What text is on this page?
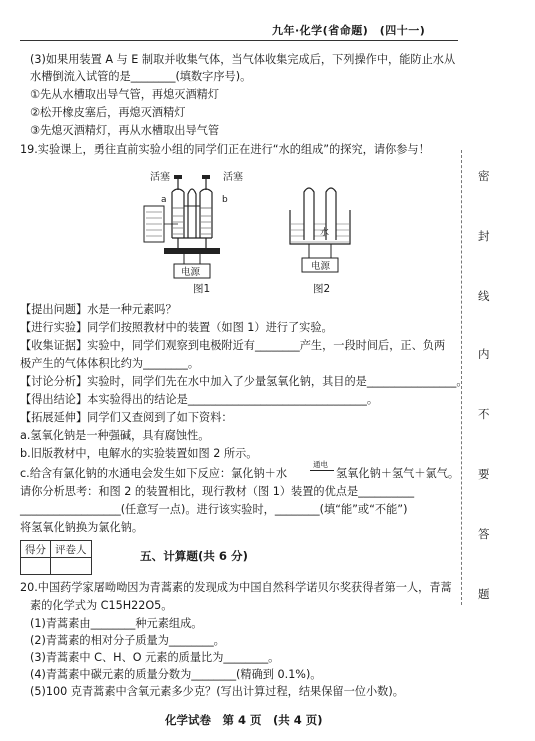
九年·化学(省命题)　(四十一)
(3)如果用装置 A 与 E 制取并收集气体，当气体收集完成后，下列操作中，能防止水从
水槽倒流入试管的是________(填数字序号)。
①先从水槽取出导气管，再熄灭酒精灯
②松开橡皮塞后，再熄灭酒精灯
③先熄灭酒精灯，再从水槽取出导气管
19.实验课上，勇往直前实验小组的同学们正在进行“水的组成”的探究，请你参与！
活塞	活塞
a	b
电源
图1
水
电源
图2
【提出问题】水是一种元素吗？
【进行实验】同学们按照教材中的装置（如图 1）进行了实验。
【收集证据】实验中，同学们观察到电极附近有________产生，一段时间后，正、负两
极产生的气体体积比约为________。
【讨论分析】实验时，同学们先在水中加入了少量氢氧化钠，其目的是________________。
【得出结论】本实验得出的结论是________________________________。
【拓展延伸】同学们又查阅到了如下资料：
a.氢氧化钠是一种强碱，具有腐蚀性。
b.旧版教材中，电解水的实验装置如图 2 所示。
c.给含有氯化钠的水通电会发生如下反应：氯化钠＋水
通电
氢氧化钠＋氢气＋氯气。
请你分析思考：和图 2 的装置相比，现行教材（图 1）装置的优点是__________
__________________(任意写一点)。进行该实验时，________(填“能”或“不能”)
将氢氧化钠换为氯化钠。
得分	评卷人
		五、计算题(共 6 分)
20.中国药学家屠呦呦因为青蒿素的发现成为中国自然科学诺贝尔奖获得者第一人，青蒿
素的化学式为 C15H22O5。
(1)青蒿素由________种元素组成。
(2)青蒿素的相对分子质量为________。
(3)青蒿素中 C、H、O 元素的质量比为________。
(4)青蒿素中碳元素的质量分数为________(精确到 0.1%)。
(5)100 克青蒿素中含氧元素多少克？(写出计算过程，结果保留一位小数)。
密
封
线
内
不
要
答
题
化学试卷　第 4 页　(共 4 页)
